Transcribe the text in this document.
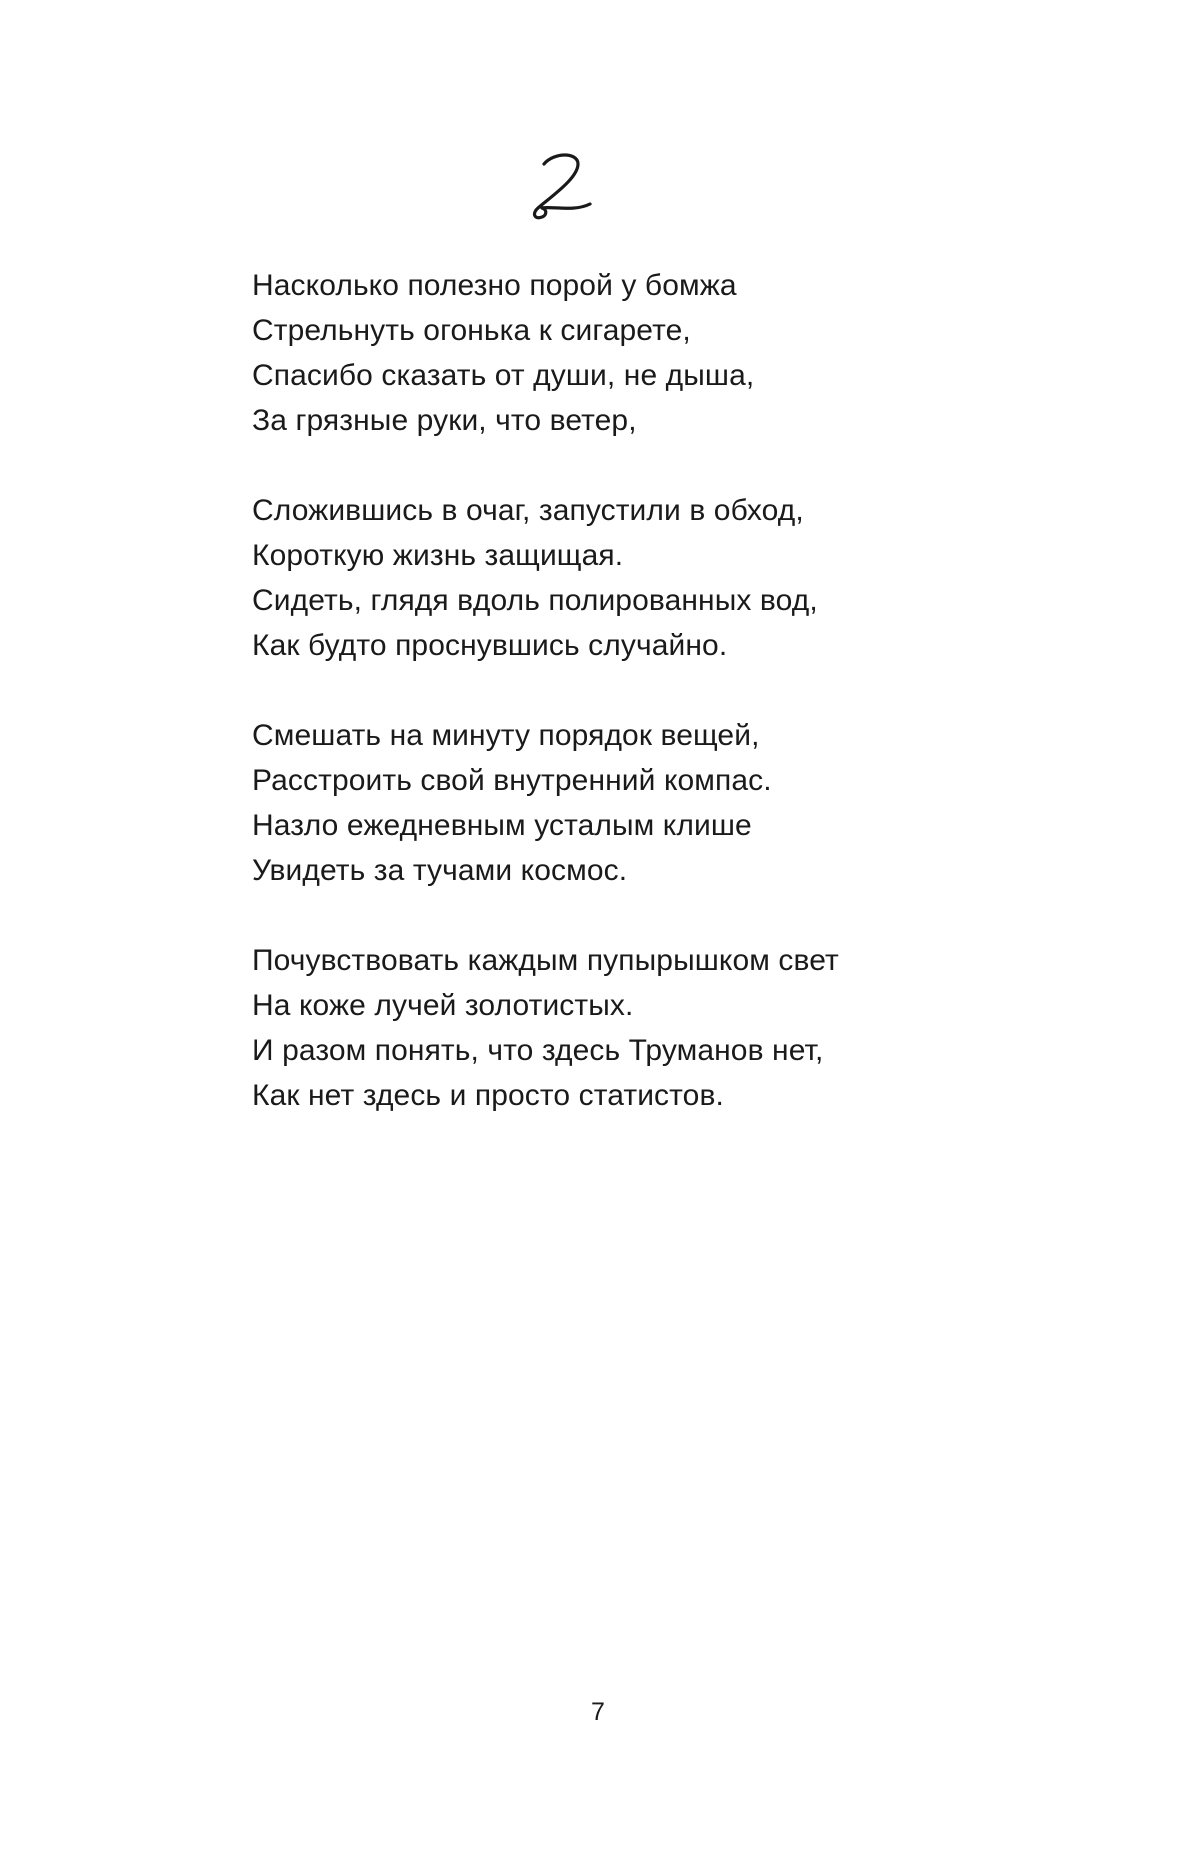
Насколько полезно порой у бомжа
Стрельнуть огонька к сигарете,
Спасибо сказать от души, не дыша,
За грязные руки, что ветер,
Сложившись в очаг, запустили в обход,
Короткую жизнь защищая.
Сидеть, глядя вдоль полированных вод,
Как будто проснувшись случайно.
Смешать на минуту порядок вещей,
Расстроить свой внутренний компас.
Назло ежедневным усталым клише
Увидеть за тучами космос.
Почувствовать каждым пупырышком свет
На коже лучей золотистых.
И разом понять, что здесь Труманов нет,
Как нет здесь и просто статистов.
7
